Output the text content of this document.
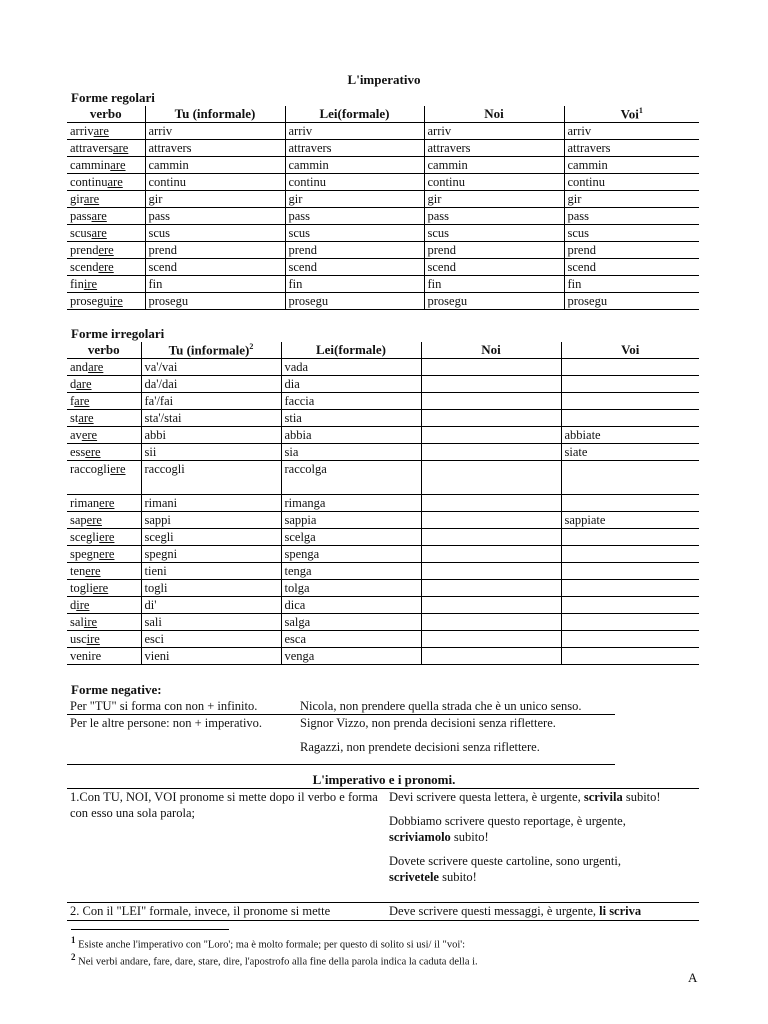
L'imperativo
Forme regolari
verbo	Tu (informale)	Lei(formale)	Noi	Voi$^1$
arrivare	arriv	arriv	arriv	arriv
attraversare	attravers	attravers	attravers	attravers
camminare	cammin	cammin	cammin	cammin
continuare	continu	continu	continu	continu
girare	gir	gir	gir	gir
passare	pass	pass	pass	pass
scusare	scus	scus	scus	scus
prendere	prend	prend	prend	prend
scendere	scend	scend	scend	scend
finire	fin	fin	fin	fin
proseguire	prosegu	prosegu	prosegu	prosegu
Forme irregolari
verbo	Tu (informale)$^2$	Lei(formale)	Noi	Voi
andare	va'/vai	vada		
dare	da'/dai	dia		
fare	fa'/fai	faccia		
stare	sta'/stai	stia		
avere	abbi	abbia		abbiate
essere	sii	sia		siate
raccogliere	raccogli	raccolga		
rimanere	rimani	rimanga		
sapere	sappi	sappia		sappiate
scegliere	scegli	scelga		
spegnere	spegni	spenga		
tenere	tieni	tenga		
togliere	togli	tolga		
dire	di'	dica		
salire	sali	salga		
uscire	esci	esca		
venire	vieni	venga		
Forme negative:
Per "TU" si forma con non + infinito.	Nicola, non prendere quella strada che è un unico senso.
Per le altre persone: non + imperativo.	Signor Vizzo, non prenda decisioni senza riflettere.
Ragazzi, non prendete decisioni senza riflettere.
L'imperativo e i pronomi.
1.Con TU, NOI, VOI pronome si mette dopo il verbo e forma con esso una sola parola;
Devi scrivere questa lettera, è urgente, scrivila subito!
Dobbiamo scrivere questo reportage, è urgente,
scriviamolo subito!
Dovete scrivere queste cartoline, sono urgenti,
scrivetele subito!
2. Con il "LEI" formale, invece, il pronome si mette	Deve scrivere questi messaggi, è urgente, li scriva
$^1$ Esiste anche l'imperativo con "Loro'; ma è molto formale; per questo di solito si usi/ il "voi':
$^2$ Nei verbi andare, fare, dare, stare, dire, l'apostrofo alla fine della parola indica la caduta della i.
A
